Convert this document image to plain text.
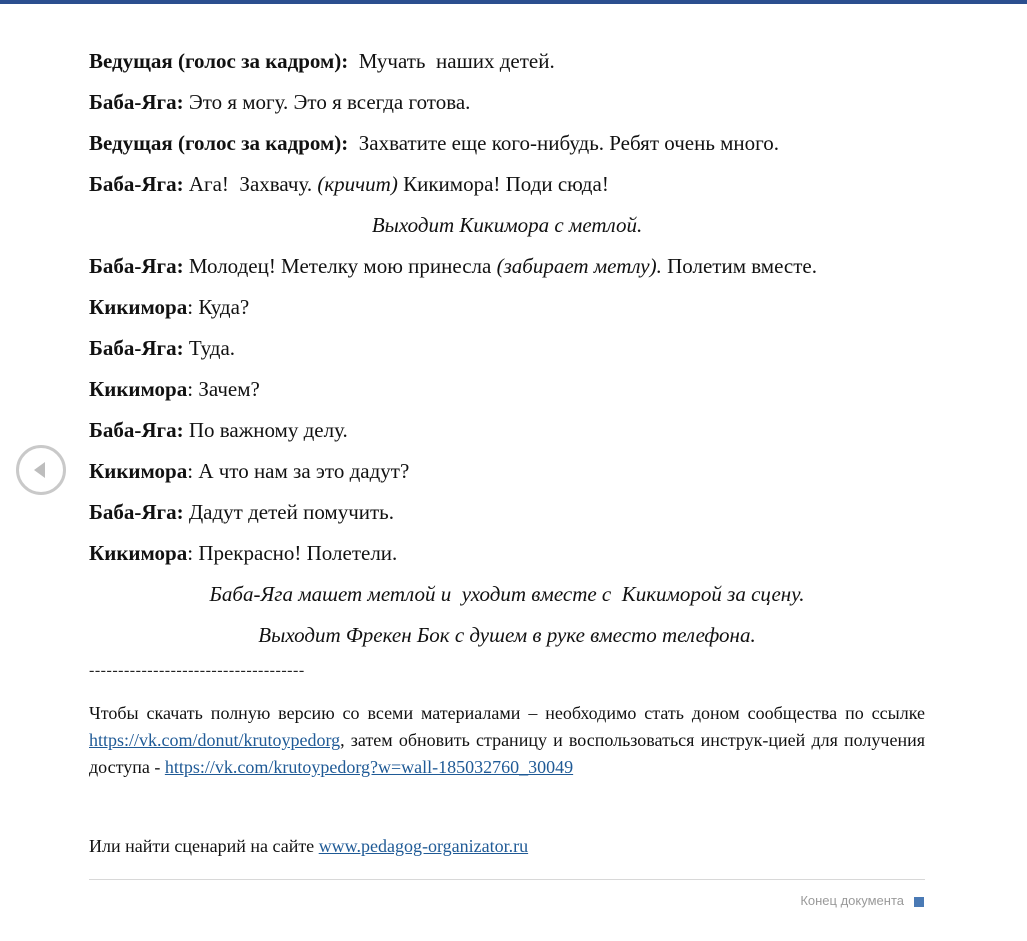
Ведущая (голос за кадром):  Мучать  наших детей.
Баба-Яга: Это я могу. Это я всегда готова.
Ведущая (голос за кадром):  Захватите еще кого-нибудь. Ребят очень много.
Баба-Яга: Ага!  Захвачу. (кричит) Кикимора! Поди сюда!
Выходит Кикимора с метлой.
Баба-Яга: Молодец! Метелку мою принесла (забирает метлу). Полетим вместе.
Кикимора: Куда?
Баба-Яга: Туда.
Кикимора: Зачем?
Баба-Яга: По важному делу.
Кикимора: А что нам за это дадут?
Баба-Яга: Дадут детей помучить.
Кикимора: Прекрасно! Полетели.
Баба-Яга машет метлой и  уходит вместе с  Кикиморой за сцену.
Выходит Фрекен Бок с душем в руке вместо телефона.
-------------------------------------
Чтобы скачать полную версию со всеми материалами – необходимо стать доном сообщества по ссылке https://vk.com/donut/krutoypedorg, затем обновить страницу и воспользоваться инструк-цией для получения доступа - https://vk.com/krutoypedorg?w=wall-185032760_30049
Или найти сценарий на сайте www.pedagog-organizator.ru
Конец документа
